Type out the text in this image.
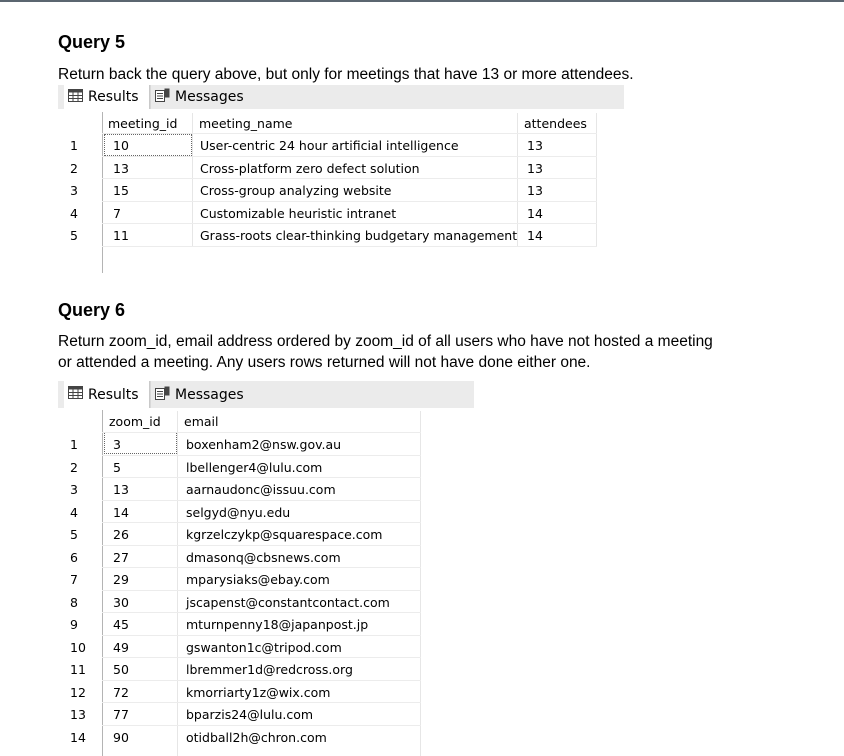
Query 5
Return back the query above, but only for meetings that have 13 or more attendees.
Results	Messages
meeting_id meeting_name	attendees
1	10	User-centric 24 hour artificial intelligence	13
2	13	Cross-platform zero defect solution	13
3	15	Cross-group analyzing website	13
4	7	Customizable heuristic intranet	14
5	11	Grass-roots clear-thinking budgetary management 14
Query 6
Return zoom_id, email address ordered by zoom_id of all users who have not hosted a meeting
or attended a meeting. Any users rows returned will not have done either one.
Results	Messages
zoom_id email
1	3	boxenham2@nsw.gov.au
2	5	lbellenger4@lulu.com
3	13	aarnaudonc@issuu.com
4	14	selgyd@nyu.edu
5	26	kgrzelczykp@squarespace.com
6	27	dmasonq@cbsnews.com
7	29	mparysiaks@ebay.com
8	30	jscapenst@constantcontact.com
9	45	mturnpenny18@japanpost.jp
10	49	gswanton1c@tripod.com
11	50	lbremmer1d@redcross.org
12	72	kmorriarty1z@wix.com
13	77	bparzis24@lulu.com
14	90	otidball2h@chron.com
